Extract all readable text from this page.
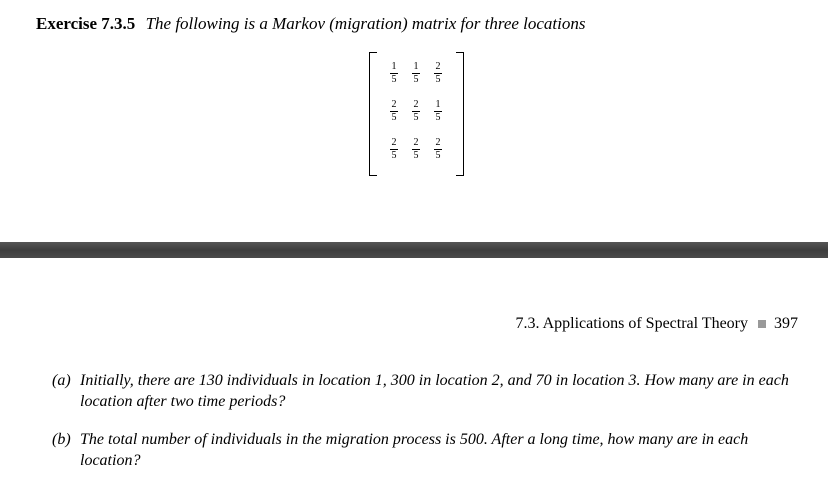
Exercise 7.3.5 The following is a Markov (migration) matrix for three locations
$\frac{1}{5} \frac{1}{5} \frac{2}{5}$
$\frac{2}{5} \frac{2}{5} \frac{1}{5}$
$\frac{2}{5} \frac{2}{5} \frac{2}{5}$
7.3. Applications of Spectral Theory 397
(a) Initially, there are 130 individuals in location 1, 300 in location 2, and 70 in location 3. How many are in each location after two time periods?
(b) The total number of individuals in the migration process is 500. After a long time, how many are in each location?
